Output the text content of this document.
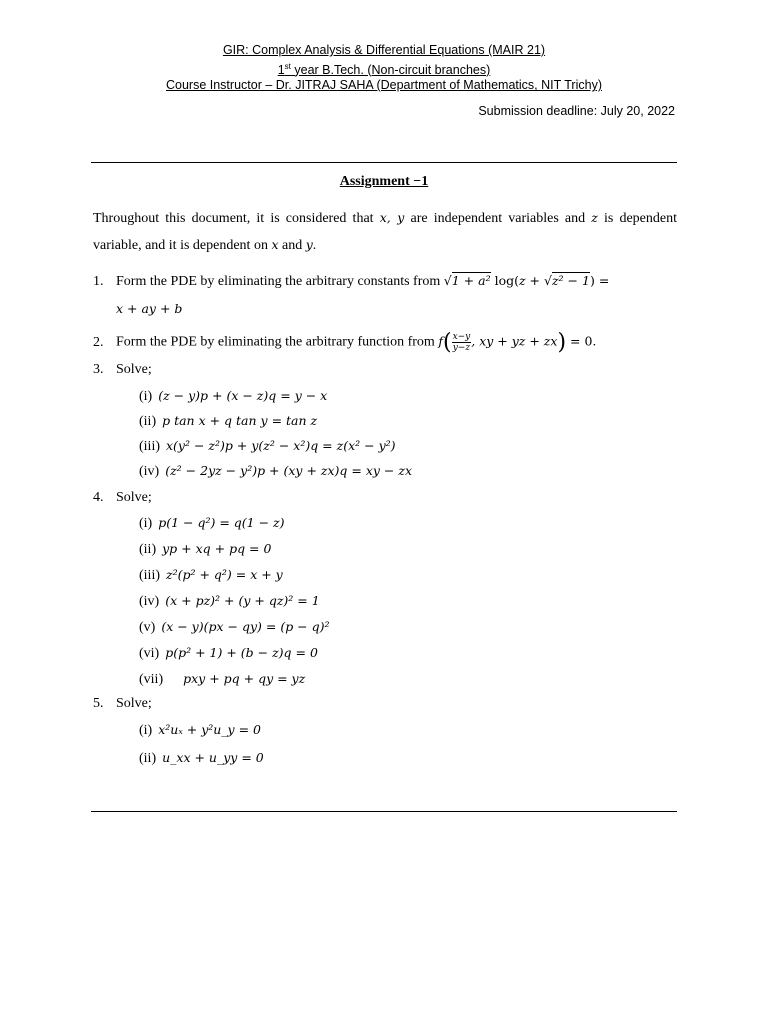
GIR: Complex Analysis & Differential Equations (MAIR 21)
1st year B.Tech. (Non-circuit branches)
Course Instructor – Dr. JITRAJ SAHA (Department of Mathematics, NIT Trichy)
Submission deadline: July 20, 2022
Assignment −1
Throughout this document, it is considered that x, y are independent variables and z is dependent variable, and it is dependent on x and y.
1. Form the PDE by eliminating the arbitrary constants from √1 + a² log(z + √z² − 1) =
x + ay + b
2. Form the PDE by eliminating the arbitrary function from $f( \frac{x-y}{y-z}$ , xy + yz + zx) = 0.
3. Solve;
(i) (z − y)p + (x − z)q = y − x
(ii) p tan x + q tan y = tan z
(iii) x(y² − z²)p + y(z² − x²)q = z(x² − y²)
(iv) (z² − 2yz − y²)p + (xy + zx)q = xy − zx
4. Solve;
(i) p(1 − q²) = q(1 − z)
(ii) yp + xq + pq = 0
(iii) z²(p² + q²) = x + y
(iv) (x + pz)² + (y + qz)² = 1
(v) (x − y)(px − qy) = (p − q)²
(vi) p(p² + 1) + (b − z)q = 0
(vii) pxy + pq + qy = yz
5. Solve;
(i) x²uₓ + y²u_y = 0
(ii) u_xx + u_yy = 0
